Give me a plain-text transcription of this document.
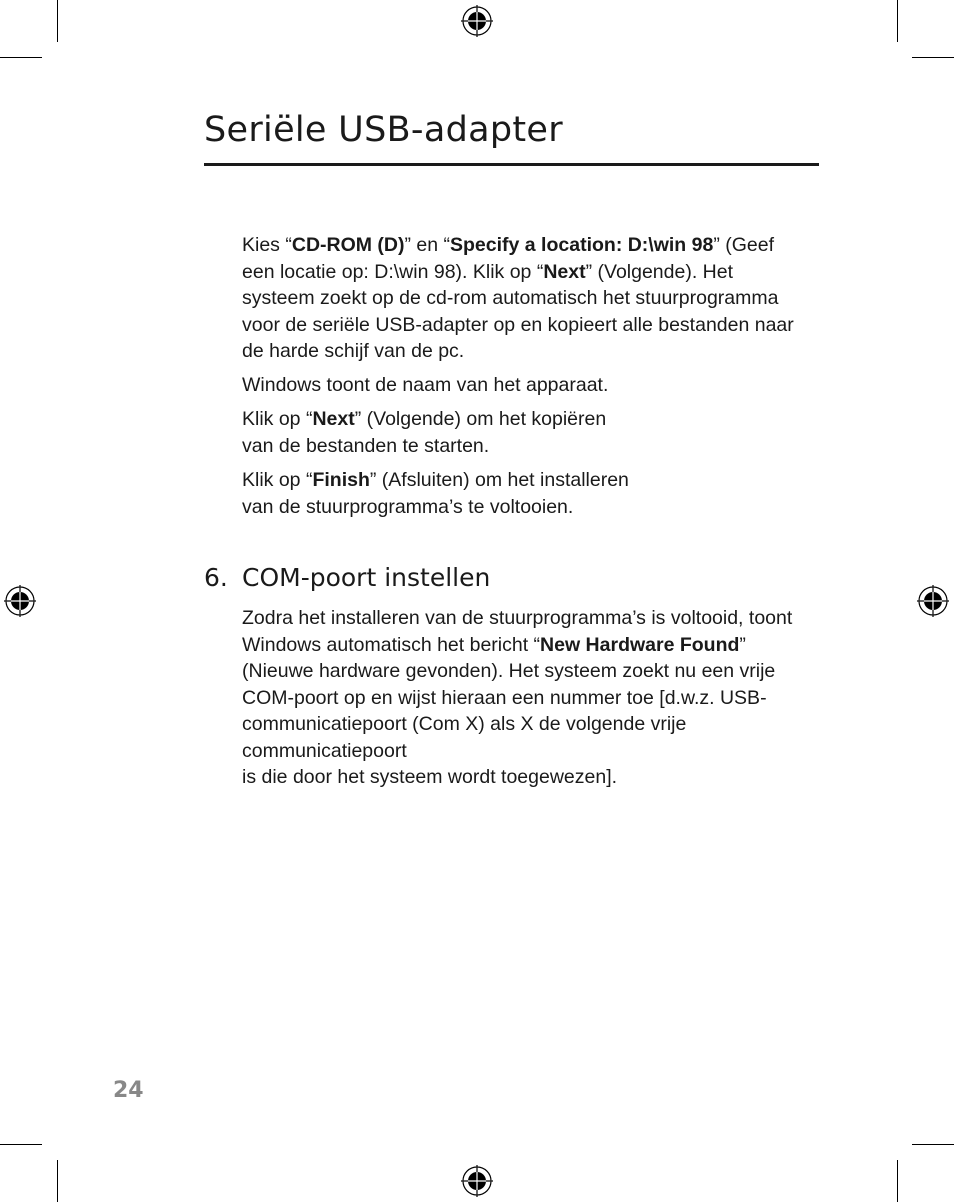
Seriële USB-adapter

Kies “CD-ROM (D)” en “Specify a location: D:\win 98” (Geef een locatie op: D:\win 98). Klik op “Next” (Volgende). Het systeem zoekt op de cd-rom automatisch het stuurprogramma voor de seriële USB-adapter op en kopieert alle bestanden naar de harde schijf van de pc.

Windows toont de naam van het apparaat.

Klik op “Next” (Volgende) om het kopiëren
van de bestanden te starten.

Klik op “Finish” (Afsluiten) om het installeren
van de stuurprogramma’s te voltooien.

6. COM-poort instellen

Zodra het installeren van de stuurprogramma’s is voltooid, toont Windows automatisch het bericht “New Hardware Found” (Nieuwe hardware gevonden). Het systeem zoekt nu een vrije COM-poort op en wijst hieraan een nummer toe [d.w.z. USB-communicatiepoort (Com X) als X de volgende vrije communicatiepoort
is die door het systeem wordt toegewezen].

24
